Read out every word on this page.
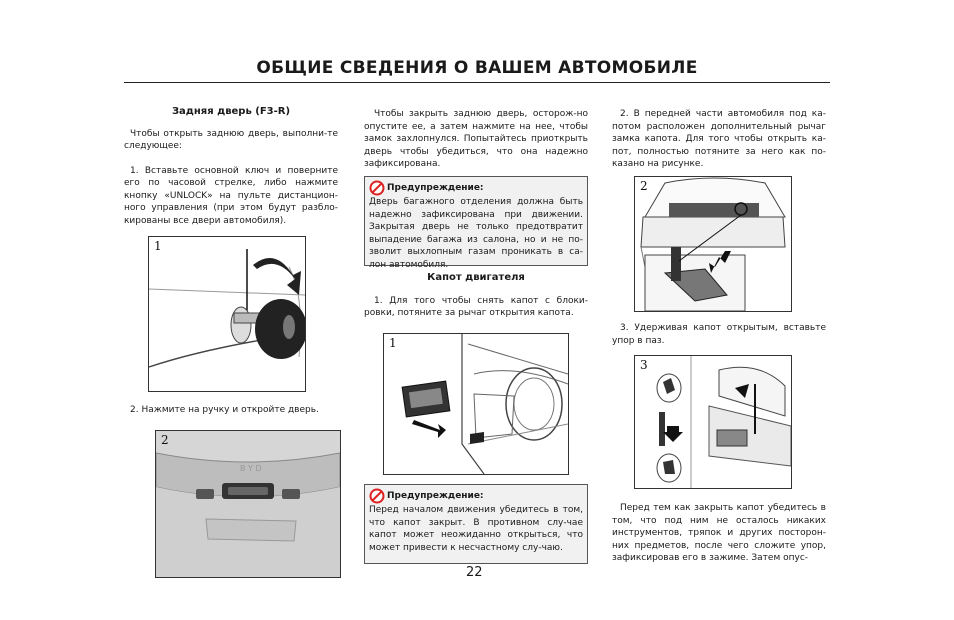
ОБЩИЕ СВЕДЕНИЯ О ВАШЕМ АВТОМОБИЛЕ

Задняя дверь (F3-R)

Чтобы открыть заднюю дверь, выполни-те следующее:

1. Вставьте основной ключ и поверните его по часовой стрелке, либо нажмите кнопку «UNLOCK» на пульте дистанцион-ного управления (при этом будут разбло-кированы все двери автомобиля).

1

2. Нажмите на ручку и откройте дверь.

2
B Y D

Чтобы закрыть заднюю дверь, осторож-но опустите ее, а затем нажмите на нее, чтобы замок захлопнулся. Попытайтесь приоткрыть дверь чтобы убедиться, что она надежно зафиксирована.

Предупреждение:

Дверь багажного отделения должна быть надежно зафиксирована при движении. Закрытая дверь не только предотвратит выпадение багажа из салона, но и не по-зволит выхлопным газам проникать в са-лон автомобиля.

Капот двигателя

1. Для того чтобы снять капот с блоки-ровки, потяните за рычаг открытия капота.

1
Предупреждение:

Перед началом движения убедитесь в том, что капот закрыт. В противном слу-чае капот может неожиданно открыться, что может привести к несчастному слу-чаю.

2. В передней части автомобиля под ка-потом расположен дополнительный рычаг замка капота. Для того чтобы открыть ка-пот, полностью потяните за него как по-казано на рисунке.

2

3. Удерживая капот открытым, вставьте упор в паз.

3

Перед тем как закрыть капот убедитесь в том, что под ним не осталось никаких инструментов, тряпок и других посторон-них предметов, после чего сложите упор, зафиксировав его в зажиме. Затем опус-

22
